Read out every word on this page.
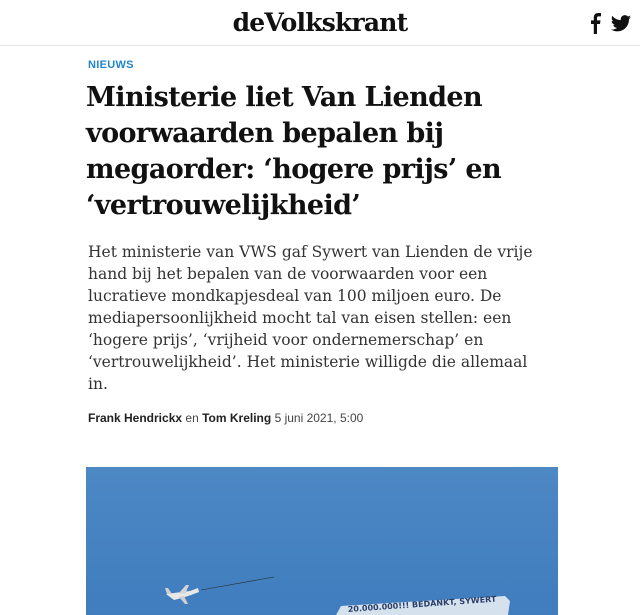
deVolkskrant
NIEUWS
Ministerie liet Van Lienden voorwaarden bepalen bij megaorder: ‘hogere prijs’ en ‘vertrouwelijkheid’

Het ministerie van VWS gaf Sywert van Lienden de vrije hand bij het bepalen van de voorwaarden voor een lucratieve mondkapjesdeal van 100 miljoen euro. De mediapersoonlijkheid mocht tal van eisen stellen: een ‘hogere prijs’, ‘vrijheid voor ondernemerschap’ en ‘vertrouwelijkheid’. Het ministerie willigde die allemaal in.

Frank Hendrickx en Tom Kreling 5 juni 2021, 5:00
20.000.000!!! BEDANKT, SYWERT
